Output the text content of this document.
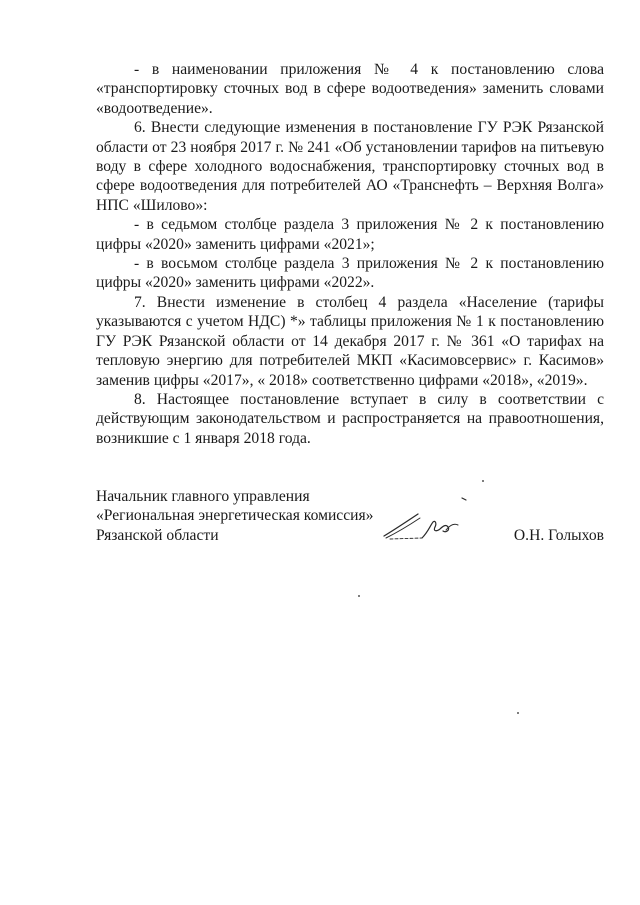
- в наименовании приложения № 4 к постановлению слова «транспортировку сточных вод в сфере водоотведения» заменить словами «водоотведение».

6. Внести следующие изменения в постановление ГУ РЭК Рязанской области от 23 ноября 2017 г. № 241 «Об установлении тарифов на питьевую воду в сфере холодного водоснабжения, транспортировку сточных вод в сфере водоотведения для потребителей АО «Транснефть – Верхняя Волга» НПС «Шилово»:

- в седьмом столбце раздела 3 приложения № 2 к постановлению цифры «2020» заменить цифрами «2021»;

- в восьмом столбце раздела 3 приложения № 2 к постановлению цифры «2020» заменить цифрами «2022».

7. Внести изменение в столбец 4 раздела «Население (тарифы указываются с учетом НДС) *» таблицы приложения № 1 к постановлению ГУ РЭК Рязанской области от 14 декабря 2017 г. № 361 «О тарифах на тепловую энергию для потребителей МКП «Касимовсервис» г. Касимов» заменив цифры «2017», « 2018» соответственно цифрами «2018», «2019».

8. Настоящее постановление вступает в силу в соответствии с действующим законодательством и распространяется на правоотношения, возникшие с 1 января 2018 года.

Начальник главного управления
«Региональная энергетическая комиссия»
Рязанской области	О.Н. Голыхов
